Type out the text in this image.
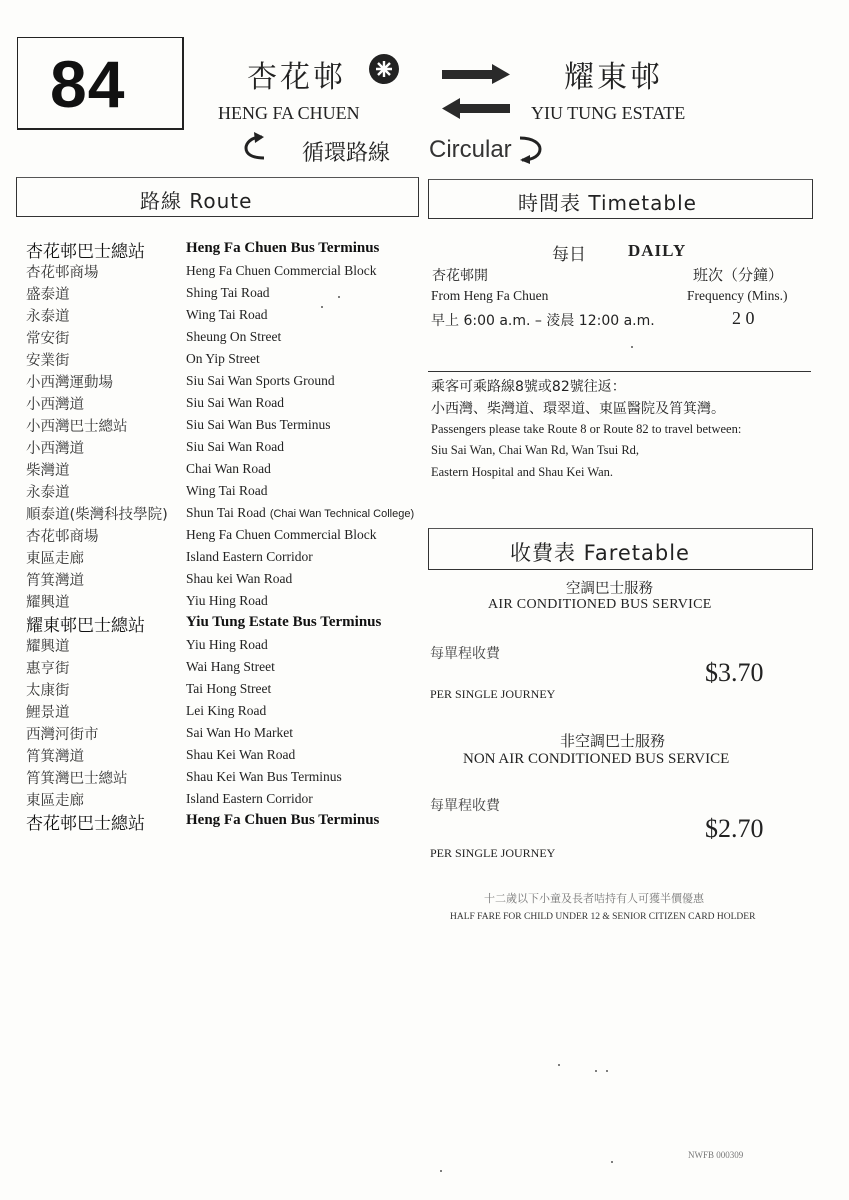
84	杏花邨	耀東邨
HENG FA CHUEN	YIU TUNG ESTATE
循環路線 Circular
路線 Route	時間表 Timetable
杏花邨巴士總站	Heng Fa Chuen Bus Terminus
杏花邨商場	Heng Fa Chuen Commercial Block
盛泰道	Shing Tai Road
永泰道	Wing Tai Road
常安街	Sheung On Street
安業街	On Yip Street
小西灣運動場	Siu Sai Wan Sports Ground
小西灣道	Siu Sai Wan Road
小西灣巴士總站	Siu Sai Wan Bus Terminus
小西灣道	Siu Sai Wan Road
柴灣道	Chai Wan Road
永泰道	Wing Tai Road
順泰道(柴灣科技學院) Shun Tai Road (Chai Wan Technical College)
杏花邨商場	Heng Fa Chuen Commercial Block
東區走廊	Island Eastern Corridor
筲箕灣道	Shau kei Wan Road
耀興道	Yiu Hing Road
耀東邨巴士總站	Yiu Tung Estate Bus Terminus
耀興道	Yiu Hing Road
惠亨街	Wai Hang Street
太康街	Tai Hong Street
鯉景道	Lei King Road
西灣河街市	Sai Wan Ho Market
筲箕灣道	Shau Kei Wan Road
筲箕灣巴士總站	Shau Kei Wan Bus Terminus
東區走廊	Island Eastern Corridor
杏花邨巴士總站	Heng Fa Chuen Bus Terminus
每日 DAILY
杏花邨開	班次（分鐘）
From Heng Fa Chuen	Frequency (Mins.)
早上 6:00 a.m. – 淩晨 12:00 a.m.	2 0
乘客可乘路線8號或82號往返：
小西灣、柴灣道、環翠道、東區醫院及筲箕灣。
Passengers please take Route 8 or Route 82 to travel between:
Siu Sai Wan, Chai Wan Rd, Wan Tsui Rd,
Eastern Hospital and Shau Kei Wan.
收費表 Faretable
空調巴士服務
AIR CONDITIONED BUS SERVICE
每單程收費
$3.70
PER SINGLE JOURNEY
非空調巴士服務
NON AIR CONDITIONED BUS SERVICE
每單程收費
$2.70
PER SINGLE JOURNEY
十二歲以下小童及長者咭持有人可獲半價優惠
HALF FARE FOR CHILD UNDER 12 & SENIOR CITIZEN CARD HOLDER
NWFB 000309
